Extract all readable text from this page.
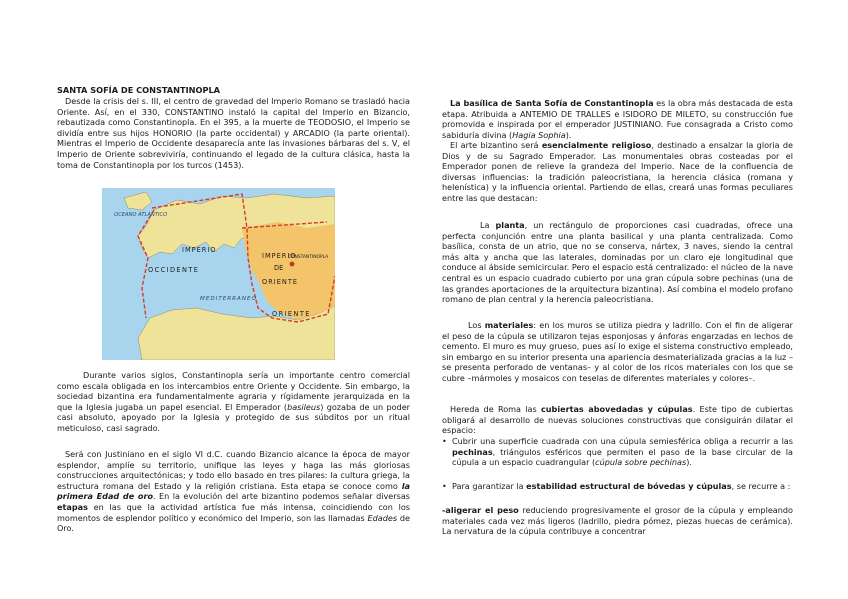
SANTA SOFÍA DE CONSTANTINOPLA

Desde la crisis del s. III, el centro de gravedad del Imperio Romano se trasladó hacia Oriente. Así, en el 330, CONSTANTINO instaló la capital del Imperio en Bizancio, rebautizada como Constantinopla. En el 395, a la muerte de TEODOSIO, el Imperio se dividía entre sus hijos HONORIO (la parte occidental) y ARCADIO (la parte oriental). Mientras el Imperio de Occidente desaparecía ante las invasiones bárbaras del s. V, el Imperio de Oriente sobreviviría, continuando el legado de la cultura clásica, hasta la toma de Constantinopla por los turcos (1453).

OCEANO ATLANTICO
IMPERIO
OCCIDENTE
IMPERIO
DE
ORIENTE
ORIENTE
MEDITERRANEO
CONSTANTINOPLA

Durante varios siglos, Constantinopla sería un importante centro comercial como escala obligada en los intercambios entre Oriente y Occidente. Sin embargo, la sociedad bizantina era fundamentalmente agraria y rígidamente jerarquizada en la que la Iglesia jugaba un papel esencial. El Emperador (basileus) gozaba de un poder casi absoluto, apoyado por la Iglesia y protegido de sus súbditos por un ritual meticuloso, casi sagrado.

Será con Justiniano en el siglo VI d.C. cuando Bizancio alcance la época de mayor esplendor, amplíe su territorio, unifique las leyes y haga las más gloriosas construcciones arquitectónicas; y todo ello basado en tres pilares: la cultura griega, la estructura romana del Estado y la religión cristiana. Esta etapa se conoce como la primera Edad de oro. En la evolución del arte bizantino podemos señalar diversas etapas en las que la actividad artística fue más intensa, coincidiendo con los momentos de esplendor político y económico del Imperio, son las llamadas Edades de Oro.

La basílica de Santa Sofía de Constantinopla es la obra más destacada de esta etapa. Atribuida a ANTEMIO DE TRALLES e ISIDORO DE MILETO, su construcción fue promovida e inspirada por el emperador JUSTINIANO. Fue consagrada a Cristo como sabiduría divina (Hagia Sophia).

El arte bizantino será esencialmente religioso, destinado a ensalzar la gloria de Dios y de su Sagrado Emperador. Las monumentales obras costeadas por el Emperador ponen de relieve la grandeza del Imperio. Nace de la confluencia de diversas influencias: la tradición paleocristiana, la herencia clásica (romana y helenística) y la influencia oriental. Partiendo de ellas, creará unas formas peculiares entre las que destacan:

La planta, un rectángulo de proporciones casi cuadradas, ofrece una perfecta conjunción entre una planta basilical y una planta centralizada. Como basílica, consta de un atrio, que no se conserva, nártex, 3 naves, siendo la central más alta y ancha que las laterales, dominadas por un claro eje longitudinal que conduce al ábside semicircular. Pero el espacio está centralizado: el núcleo de la nave central es un espacio cuadrado cubierto por una gran cúpula sobre pechinas (una de las grandes aportaciones de la arquitectura bizantina). Así combina el modelo profano romano de plan central y la herencia paleocristiana.

Los materiales: en los muros se utiliza piedra y ladrillo. Con el fin de aligerar el peso de la cúpula se utilizaron tejas esponjosas y ánforas engarzadas en lechos de cemento. El muro es muy grueso, pues así lo exige el sistema constructivo empleado, sin embargo en su interior presenta una apariencia desmaterializada gracias a la luz –se presenta perforado de ventanas– y al color de los ricos materiales con los que se cubre –mármoles y mosaicos con teselas de diferentes materiales y colores–.

Hereda de Roma las cubiertas abovedadas y cúpulas. Este tipo de cubiertas obligará al desarrollo de nuevas soluciones constructivas que consiguirán dilatar el espacio:

• Cubrir una superficie cuadrada con una cúpula semiesférica obliga a recurrir a las pechinas, triángulos esféricos que permiten el paso de la base circular de la cúpula a un espacio cuadrangular (cúpula sobre pechinas).
• Para garantizar la estabilidad estructural de bóvedas y cúpulas, se recurre a :

-aligerar el peso reduciendo progresivamente el grosor de la cúpula y empleando materiales cada vez más ligeros (ladrillo, piedra pómez, piezas huecas de cerámica). La nervatura de la cúpula contribuye a concentrar
